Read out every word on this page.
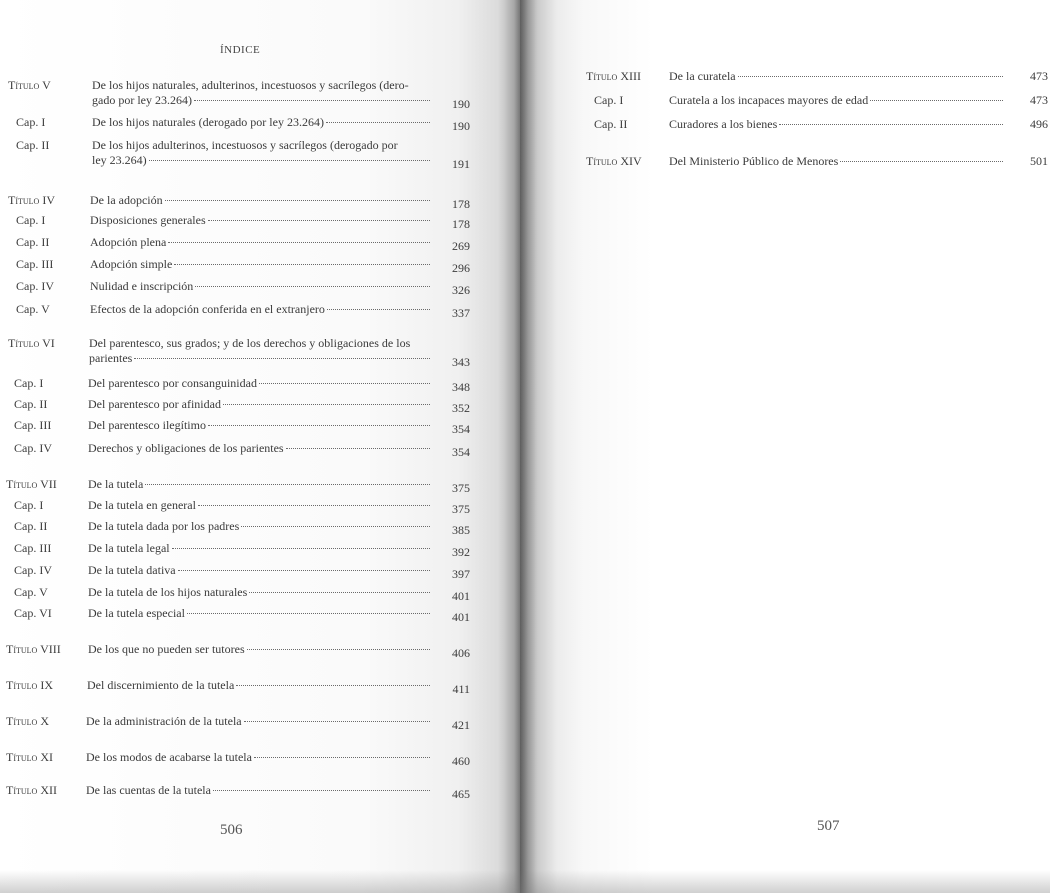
ÍNDICE
Título V	De los hijos naturales, adulterinos, incestuosos y sacrílegos (dero-
gado por ley 23.264)	190
Cap. I	De los hijos naturales (derogado por ley 23.264)	190
Cap. II	De los hijos adulterinos, incestuosos y sacrílegos (derogado por
ley 23.264)	191
Título IV	De la adopción	178
Cap. I	Disposiciones generales	178
Cap. II	Adopción plena	269
Cap. III	Adopción simple	296
Cap. IV	Nulidad e inscripción	326
Cap. V	Efectos de la adopción conferida en el extranjero	337
Título VI	Del parentesco, sus grados; y de los derechos y obligaciones de los
parientes	343
Cap. I	Del parentesco por consanguinidad	348
Cap. II	Del parentesco por afinidad	352
Cap. III	Del parentesco ilegítimo	354
Cap. IV	Derechos y obligaciones de los parientes	354
Título VII	De la tutela	375
Cap. I	De la tutela en general	375
Cap. II	De la tutela dada por los padres	385
Cap. III	De la tutela legal	392
Cap. IV	De la tutela dativa	397
Cap. V	De la tutela de los hijos naturales	401
Cap. VI	De la tutela especial	401
Título VIII De los que no pueden ser tutores	406
Título IX	Del discernimiento de la tutela	411
Título X	De la administración de la tutela	421
Título XI	De los modos de acabarse la tutela	460
Título XII De las cuentas de la tutela	465
506
Título XIII De la curatela	473
Cap. I	Curatela a los incapaces mayores de edad	473
Cap. II	Curadores a los bienes	496
Título XIV Del Ministerio Público de Menores	501
507
